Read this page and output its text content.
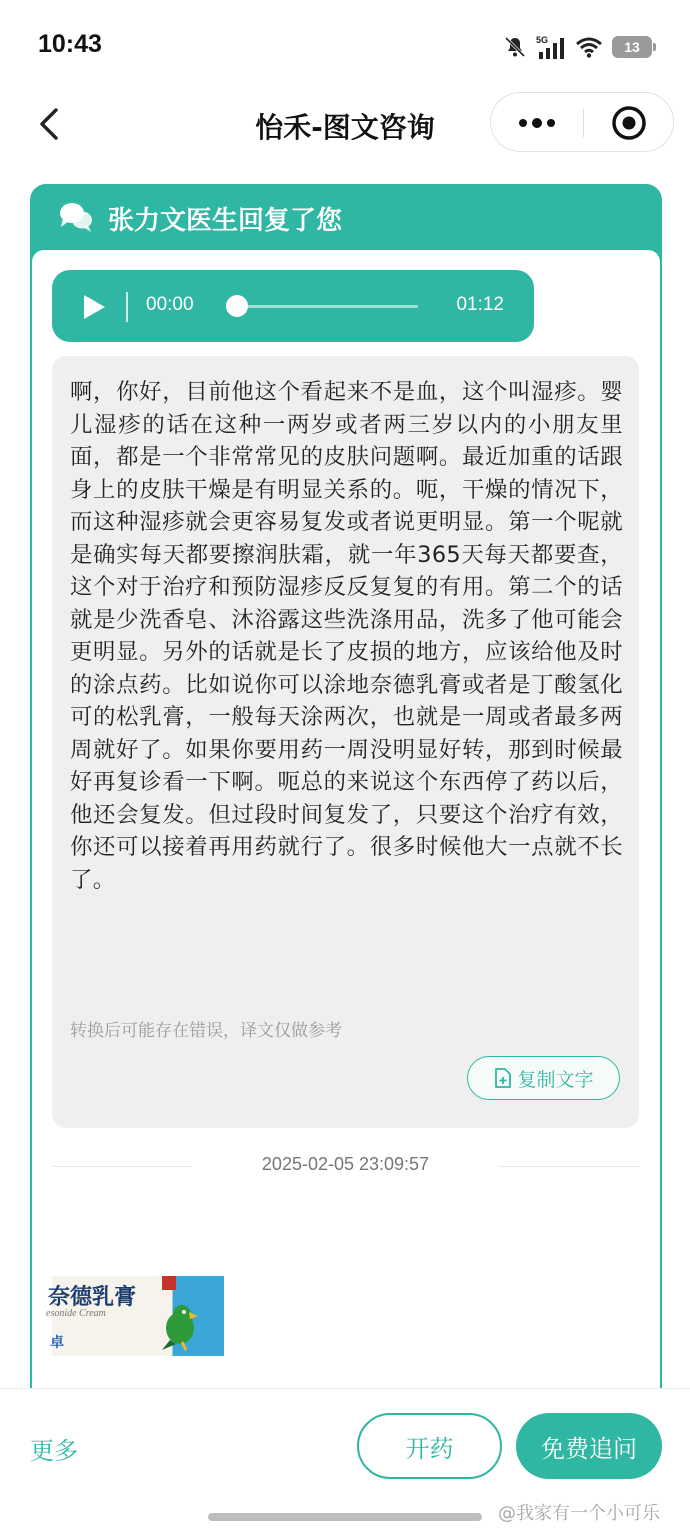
10:43	5G	13
怡禾-图文咨询
张力文医生回复了您
00:00	01:12
啊，你好，目前他这个看起来不是血，这个叫湿疹。婴儿湿疹的话在这种一两岁或者两三岁以内的小朋友里面，都是一个非常常见的皮肤问题啊。最近加重的话跟身上的皮肤干燥是有明显关系的。呃，干燥的情况下，而这种湿疹就会更容易复发或者说更明显。第一个呢就是确实每天都要擦润肤霜，就一年365天每天都要查，这个对于治疗和预防湿疹反反复复的有用。第二个的话就是少洗香皂、沐浴露这些洗涤用品，洗多了他可能会更明显。另外的话就是长了皮损的地方，应该给他及时的涂点药。比如说你可以涂地奈德乳膏或者是丁酸氢化可的松乳膏，一般每天涂两次，也就是一周或者最多两周就好了。如果你要用药一周没明显好转，那到时候最好再复诊看一下啊。呃总的来说这个东西停了药以后，他还会复发。但过段时间复发了，只要这个治疗有效，你还可以接着再用药就行了。很多时候他大一点就不长了。
转换后可能存在错误，译文仅做参考
复制文字
2025-02-05 23:09:57
奈德乳膏
esonide Cream
卓
更多	开药	免费追问
@我家有一个小可乐
